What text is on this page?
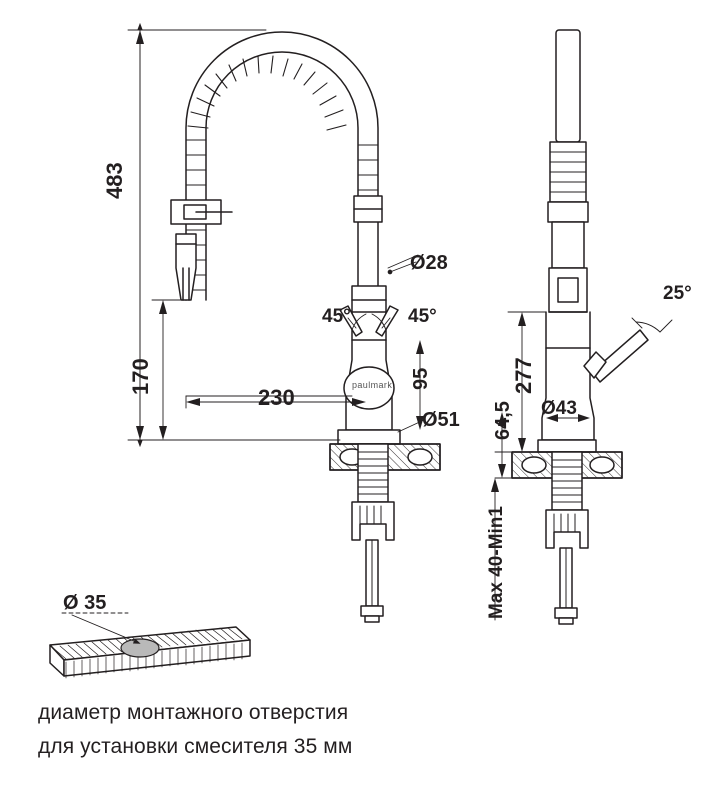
483
170
230
95
Ø28
Ø51
45°	45°
277
64,5 Ø43
25°
Max 40-Min1
Ø 35
paulmark
диаметр монтажного отверстия
для установки смесителя 35 мм
